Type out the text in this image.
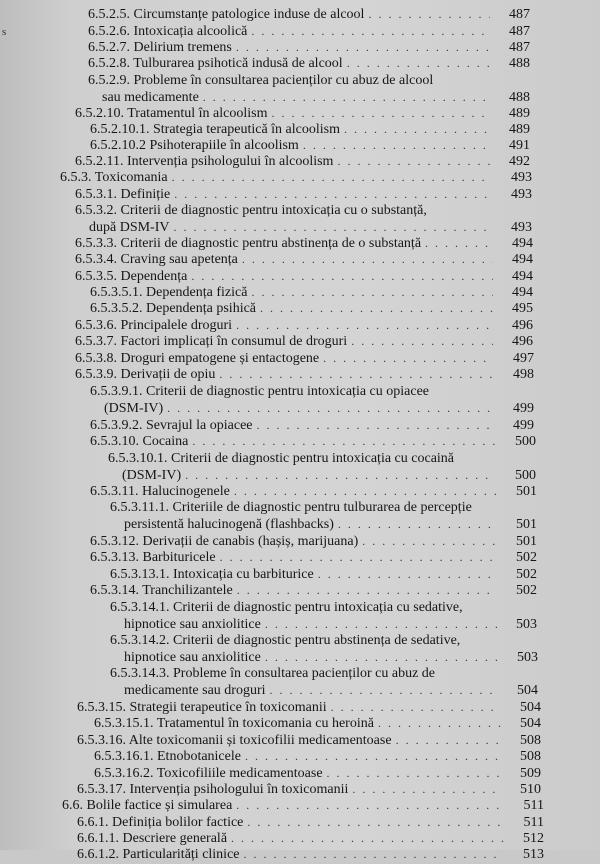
s
6.5.2.5. Circumstanțe patologice induse de alcool . . .	487
6.5.2.6. Intoxicația alcoolică . . .	487
6.5.2.7. Delirium tremens . . .	487
6.5.2.8. Tulburarea psihotică indusă de alcool . . .	488
6.5.2.9. Probleme în consultarea pacienților cu abuz de alcool
sau medicamente . . .	488
6.5.2.10. Tratamentul în alcoolism . . .	489
6.5.2.10.1. Strategia terapeutică în alcoolism . . .	489
6.5.2.10.2 Psihoterapiile în alcoolism . . .	491
6.5.2.11. Intervenția psihologului în alcoolism . . .	492
6.5.3. Toxicomania . . .	493
6.5.3.1. Definiție . . .	493
6.5.3.2. Criterii de diagnostic pentru intoxicația cu o substanță,
după DSM-IV . . .	493
6.5.3.3. Criterii de diagnostic pentru abstinența de o substanță . . .	494
6.5.3.4. Craving sau apetența . . .	494
6.5.3.5. Dependența . . .	494
6.5.3.5.1. Dependența fizică . . .	494
6.5.3.5.2. Dependența psihică . . .	495
6.5.3.6. Principalele droguri . . .	496
6.5.3.7. Factori implicați în consumul de droguri . . .	496
6.5.3.8. Droguri empatogene și entactogene . . .	497
6.5.3.9. Derivații de opiu . . .	498
6.5.3.9.1. Criterii de diagnostic pentru intoxicația cu opiacee
(DSM-IV) . . .	499
6.5.3.9.2. Sevrajul la opiacee . . .	499
6.5.3.10. Cocaina . . .	500
6.5.3.10.1. Criterii de diagnostic pentru intoxicația cu cocaină
(DSM-IV) . . .	500
6.5.3.11. Halucinogenele . . .	501
6.5.3.11.1. Criteriile de diagnostic pentru tulburarea de percepție
persistentă halucinogenă (flashbacks) . . .	501
6.5.3.12. Derivații de canabis (hașiș, marijuana) . . .	501
6.5.3.13. Barbituricele . . .	502
6.5.3.13.1. Intoxicația cu barbiturice . . .	502
6.5.3.14. Tranchilizantele . . .	502
6.5.3.14.1. Criterii de diagnostic pentru intoxicația cu sedative,
hipnotice sau anxiolitice . . .	503
6.5.3.14.2. Criterii de diagnostic pentru abstinența de sedative,
hipnotice sau anxiolitice . . .	503
6.5.3.14.3. Probleme în consultarea pacienților cu abuz de
medicamente sau droguri . . .	504
6.5.3.15. Strategii terapeutice în toxicomanii . . .	504
6.5.3.15.1. Tratamentul în toxicomania cu heroină . . .	504
6.5.3.16. Alte toxicomanii și toxicofilii medicamentoase . . .	508
6.5.3.16.1. Etnobotanicele . . .	508
6.5.3.16.2. Toxicofiliile medicamentoase . . .	509
6.5.3.17. Intervenția psihologului în toxicomanii . . .	510
6.6. Bolile factice și simularea . . .	511
6.6.1. Definiția bolilor factice . . .	511
6.6.1.1. Descriere generală . . .	512
6.6.1.2. Particularități clinice . . .	513
